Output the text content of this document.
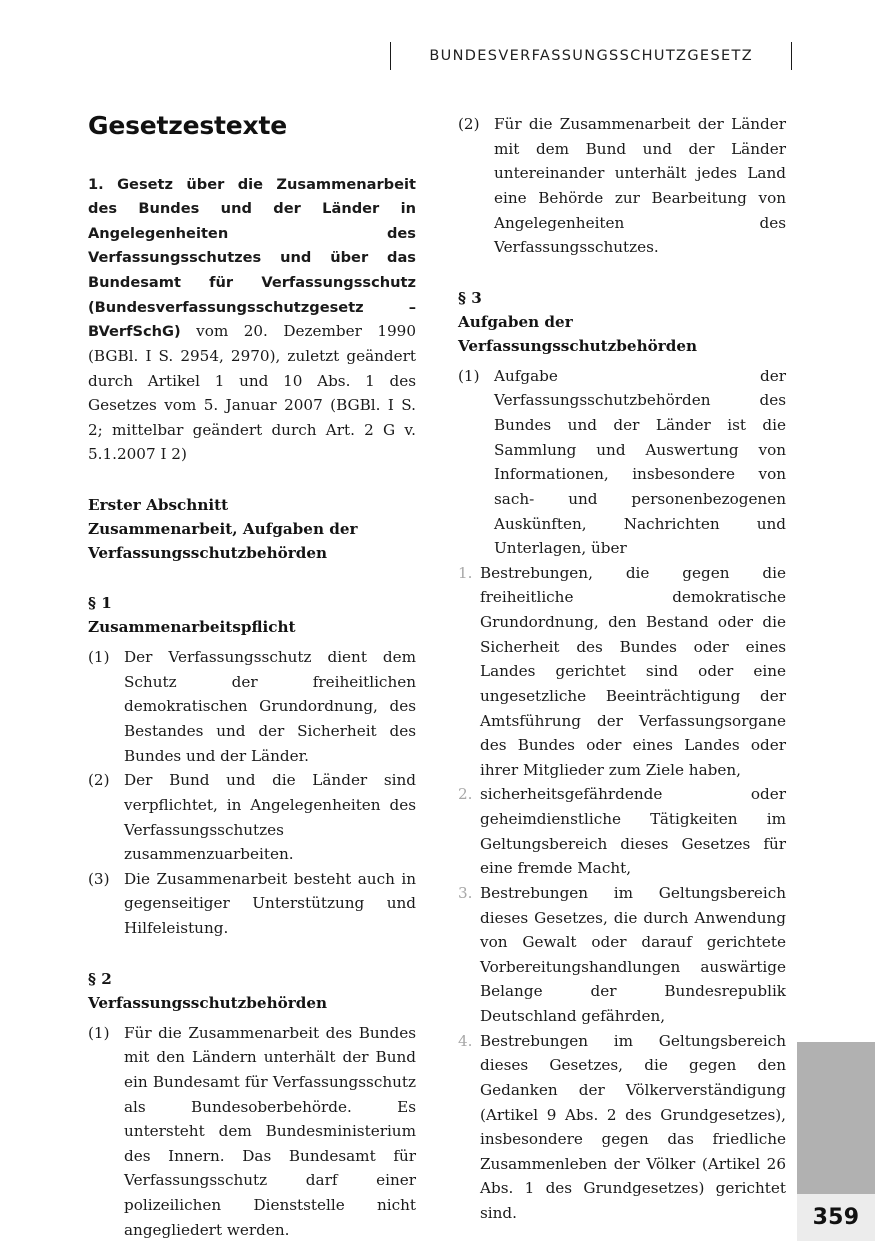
BUNDESVERFASSUNGSSCHUTZGESETZ
Gesetzestexte

1. Gesetz über die Zusammenarbeit des Bundes und der Länder in Angelegenheiten des Verfassungsschutzes und über das Bundesamt für Verfassungsschutz (Bundesverfassungsschutzgesetz – BVerfSchG) vom 20. Dezember 1990 (BGBl. I S. 2954, 2970), zuletzt geändert durch Artikel 1 und 10 Abs. 1 des Gesetzes vom 5. Januar 2007 (BGBl. I S. 2; mittelbar geändert durch Art. 2 G v. 5.1.2007 I 2)

Erster Abschnitt
Zusammenarbeit, Aufgaben der
Verfassungsschutzbehörden
§ 1
Zusammenarbeitspflicht

(1) Der Verfassungsschutz dient dem Schutz der freiheitlichen demokratischen Grundordnung, des Bestandes und der Sicherheit des Bundes und der Länder.

(2) Der Bund und die Länder sind verpflichtet, in Angelegenheiten des Verfassungsschutzes zusammenzuarbeiten.

(3) Die Zusammenarbeit besteht auch in gegenseitiger Unterstützung und Hilfeleistung.

§ 2
Verfassungsschutzbehörden

(1) Für die Zusammenarbeit des Bundes mit den Ländern unterhält der Bund ein Bundesamt für Verfassungsschutz als Bundesoberbehörde. Es untersteht dem Bundesministerium des Innern. Das Bundesamt für Verfassungsschutz darf einer polizeilichen Dienststelle nicht angegliedert werden.

(2) Für die Zusammenarbeit der Länder mit dem Bund und der Länder untereinander unterhält jedes Land eine Behörde zur Bearbeitung von Angelegenheiten des Verfassungsschutzes.

§ 3
Aufgaben der
Verfassungsschutzbehörden

(1) Aufgabe der Verfassungsschutzbehörden des Bundes und der Länder ist die Sammlung und Auswertung von Informationen, insbesondere von sach- und personenbezogenen Auskünften, Nachrichten und Unterlagen, über

1. Bestrebungen, die gegen die freiheitliche demokratische Grundordnung, den Bestand oder die Sicherheit des Bundes oder eines Landes gerichtet sind oder eine ungesetzliche Beeinträchtigung der Amtsführung der Verfassungsorgane des Bundes oder eines Landes oder ihrer Mitglieder zum Ziele haben,

2. sicherheitsgefährdende oder geheimdienstliche Tätigkeiten im Geltungsbereich dieses Gesetzes für eine fremde Macht,

3. Bestrebungen im Geltungsbereich dieses Gesetzes, die durch Anwendung von Gewalt oder darauf gerichtete Vorbereitungshandlungen auswärtige Belange der Bundesrepublik Deutschland gefährden,

4. Bestrebungen im Geltungsbereich dieses Gesetzes, die gegen den Gedanken der Völkerverständigung (Artikel 9 Abs. 2 des Grundgesetzes), insbesondere gegen das friedliche Zusammenleben der Völker (Artikel 26 Abs. 1 des Grundgesetzes) gerichtet sind.	359
